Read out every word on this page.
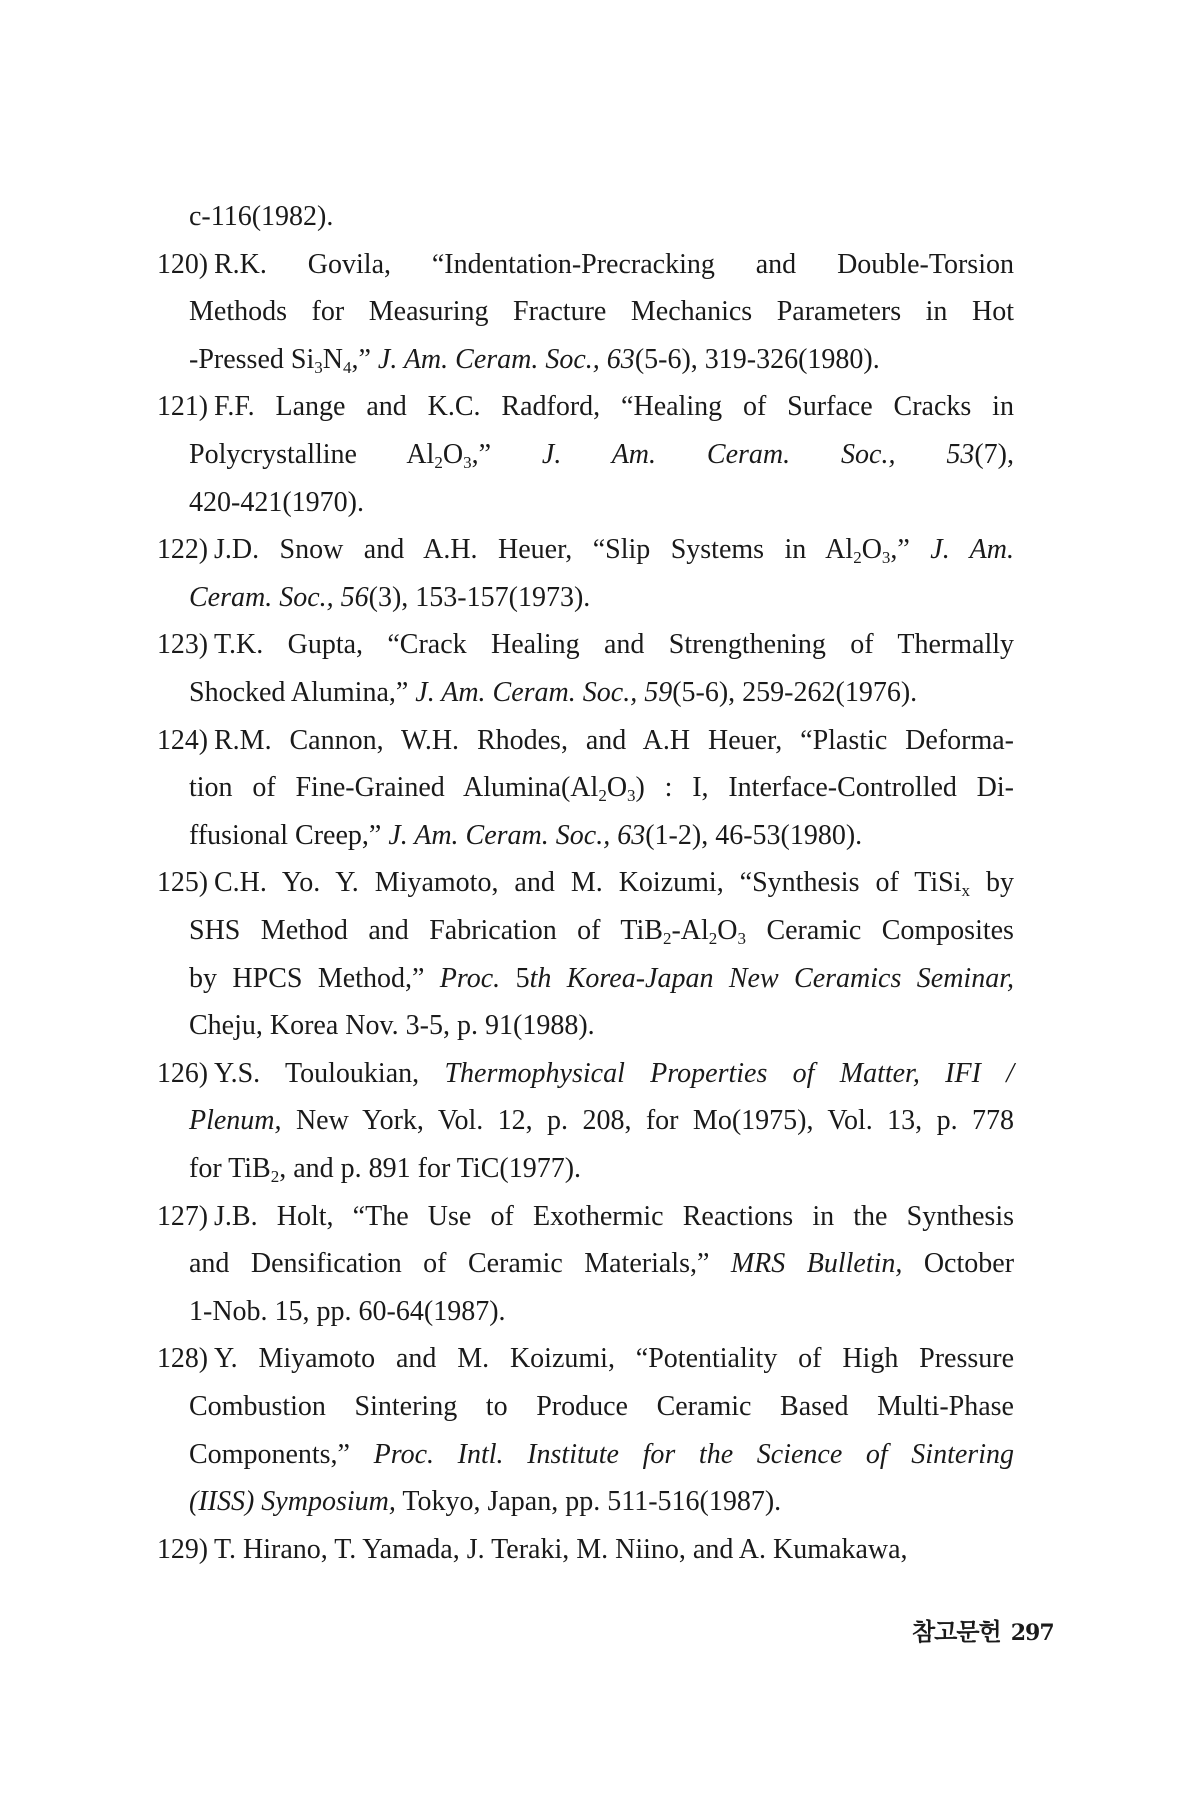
c-116(1982).
120) R.K. Govila, “Indentation-Precracking and Double-Torsion
Methods for Measuring Fracture Mechanics Parameters in Hot
-Pressed $Si_3N_4$,” J. Am. Ceram. Soc., 63(5-6), 319-326(1980).
121) F.F. Lange and K.C. Radford, “Healing of Surface Cracks in
Polycrystalline $Al_2O_3$,” J. Am. Ceram. Soc., 53(7),
420-421(1970).
122) J.D. Snow and A.H. Heuer, “Slip Systems in $Al_2O_3$,” J. Am.
Ceram. Soc., 56(3), 153-157(1973).
123) T.K. Gupta, “Crack Healing and Strengthening of Thermally
Shocked Alumina,” J. Am. Ceram. Soc., 59(5-6), 259-262(1976).
124) R.M. Cannon, W.H. Rhodes, and A.H Heuer, “Plastic Deforma-
tion of Fine-Grained $Alumina(Al_2O_3)$ : I, Interface-Controlled Di-
ffusional Creep,” J. Am. Ceram. Soc., 63(1-2), 46-53(1980).
125) C.H. Yo. Y. Miyamoto, and M. Koizumi, “Synthesis of TiSi$_x$ by
SHS Method and Fabrication of $TiB_2-Al_2O_3$ Ceramic Composites
by HPCS Method,” Proc. 5th Korea-Japan New Ceramics Seminar,
Cheju, Korea Nov. 3-5, p. 91(1988).
126) Y.S. Touloukian, Thermophysical Properties of Matter, IFI /
Plenum, New York, Vol. 12, p. 208, for Mo(1975), Vol. 13, p. 778
for TiB$_2$, and p. 891 for TiC(1977).
127) J.B. Holt, “The Use of Exothermic Reactions in the Synthesis
and Densification of Ceramic Materials,” MRS Bulletin, October
1-Nob. 15, pp. 60-64(1987).
128) Y. Miyamoto and M. Koizumi, “Potentiality of High Pressure
Combustion Sintering to Produce Ceramic Based Multi-Phase
Components,” Proc. Intl. Institute for the Science of Sintering
(IISS) Symposium, Tokyo, Japan, pp. 511-516(1987).
129) T. Hirano, T. Yamada, J. Teraki, M. Niino, and A. Kumakawa,
참고문헌 297
